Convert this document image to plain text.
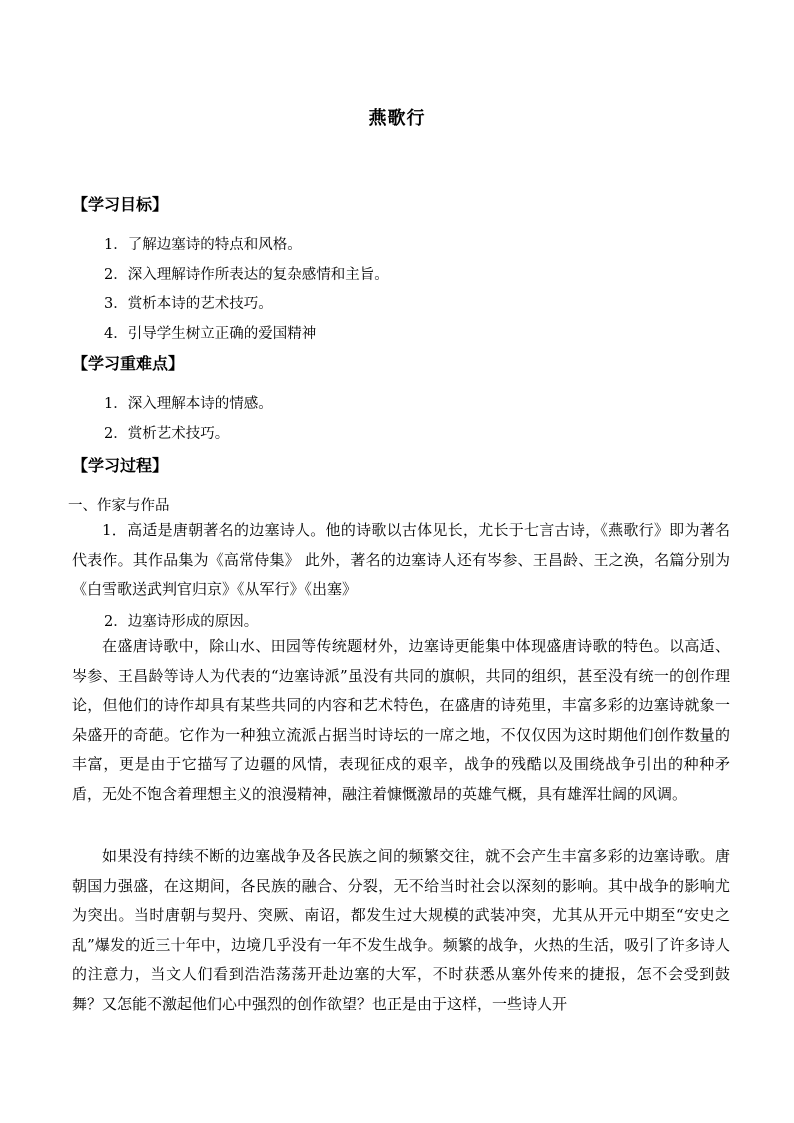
燕歌行
【学习目标】
1．了解边塞诗的特点和风格。
2．深入理解诗作所表达的复杂感情和主旨。
3．赏析本诗的艺术技巧。
4．引导学生树立正确的爱国精神
【学习重难点】
1．深入理解本诗的情感。
2．赏析艺术技巧。
【学习过程】
一、作家与作品

1．高适是唐朝著名的边塞诗人。他的诗歌以古体见长，尤长于七言古诗，《燕歌行》即为著名代表作。其作品集为《高常侍集》 此外，著名的边塞诗人还有岑参、王昌龄、王之涣，名篇分别为《白雪歌送武判官归京》《从军行》《出塞》

2．边塞诗形成的原因。

在盛唐诗歌中，除山水、田园等传统题材外，边塞诗更能集中体现盛唐诗歌的特色。以高适、岑参、王昌龄等诗人为代表的“边塞诗派”虽没有共同的旗帜，共同的组织，甚至没有统一的创作理论，但他们的诗作却具有某些共同的内容和艺术特色，在盛唐的诗苑里，丰富多彩的边塞诗就象一朵盛开的奇葩。它作为一种独立流派占据当时诗坛的一席之地，不仅仅因为这时期他们创作数量的丰富，更是由于它描写了边疆的风情，表现征戍的艰辛，战争的残酷以及围绕战争引出的种种矛盾，无处不饱含着理想主义的浪漫精神，融注着慷慨激昂的英雄气概，具有雄浑壮阔的风调。

如果没有持续不断的边塞战争及各民族之间的频繁交往，就不会产生丰富多彩的边塞诗歌。唐朝国力强盛，在这期间，各民族的融合、分裂，无不给当时社会以深刻的影响。其中战争的影响尤为突出。当时唐朝与契丹、突厥、南诏，都发生过大规模的武装冲突，尤其从开元中期至“安史之乱”爆发的近三十年中，边境几乎没有一年不发生战争。频繁的战争，火热的生活，吸引了许多诗人的注意力，当文人们看到浩浩荡荡开赴边塞的大军，不时获悉从塞外传来的捷报，怎不会受到鼓舞？又怎能不激起他们心中强烈的创作欲望？也正是由于这样，一些诗人开
